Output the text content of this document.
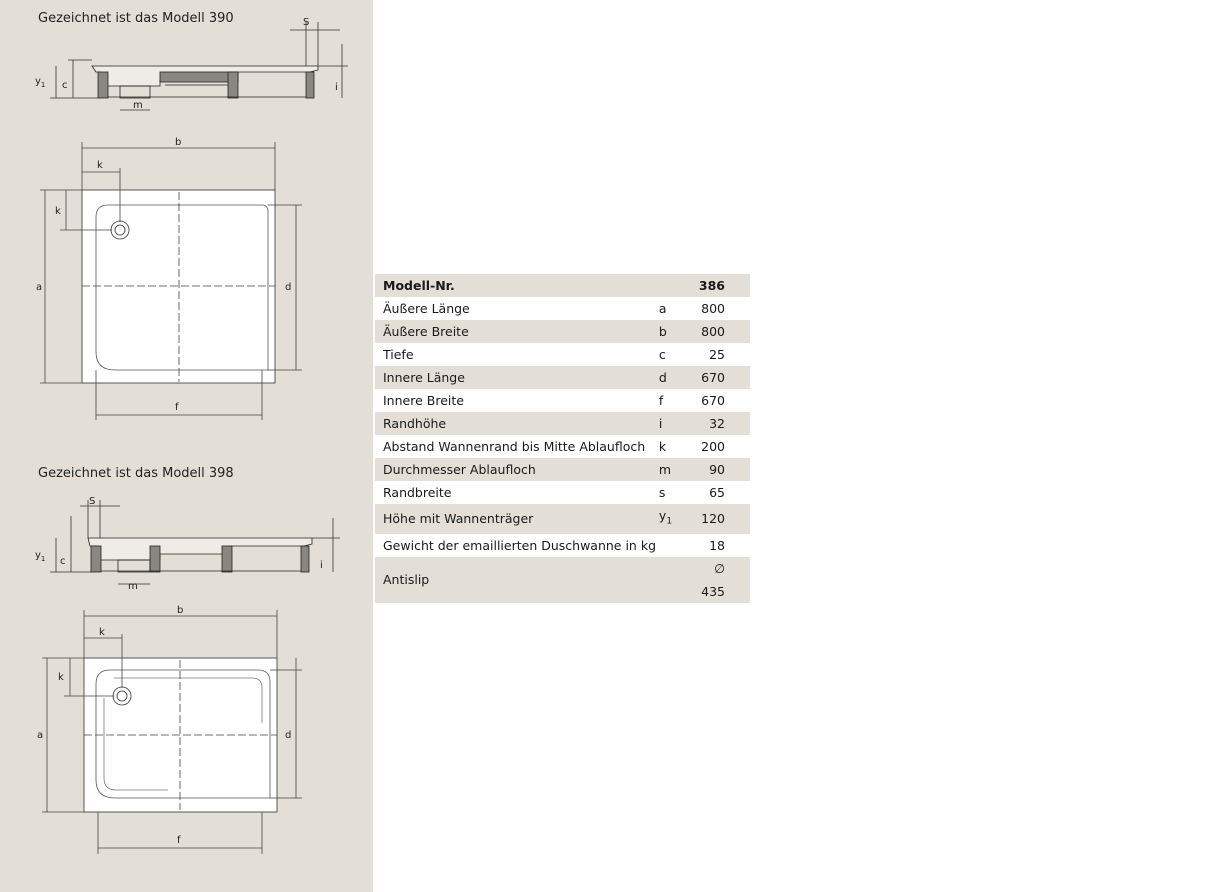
Gezeichnet ist das Modell 390	S
$y_1$ c	i
m
b
k
k
a	d
f
Gezeichnet ist das Modell 398
S
$y_1$ c	i
m
b
k
k
a	d
f
Modell-Nr.		386
Äußere Länge	a	800
Äußere Breite	b	800
Tiefe	c	25
Innere Länge	d	670
Innere Breite	f	670
Randhöhe	i	32
Abstand Wannenrand bis Mitte Ablaufloch	k	200
Durchmesser Ablaufloch	m	90
Randbreite	s	65
Höhe mit Wannenträger	$y_1$	120
Gewicht der emaillierten Duschwanne in kg		18
Antislip		∅ 435
